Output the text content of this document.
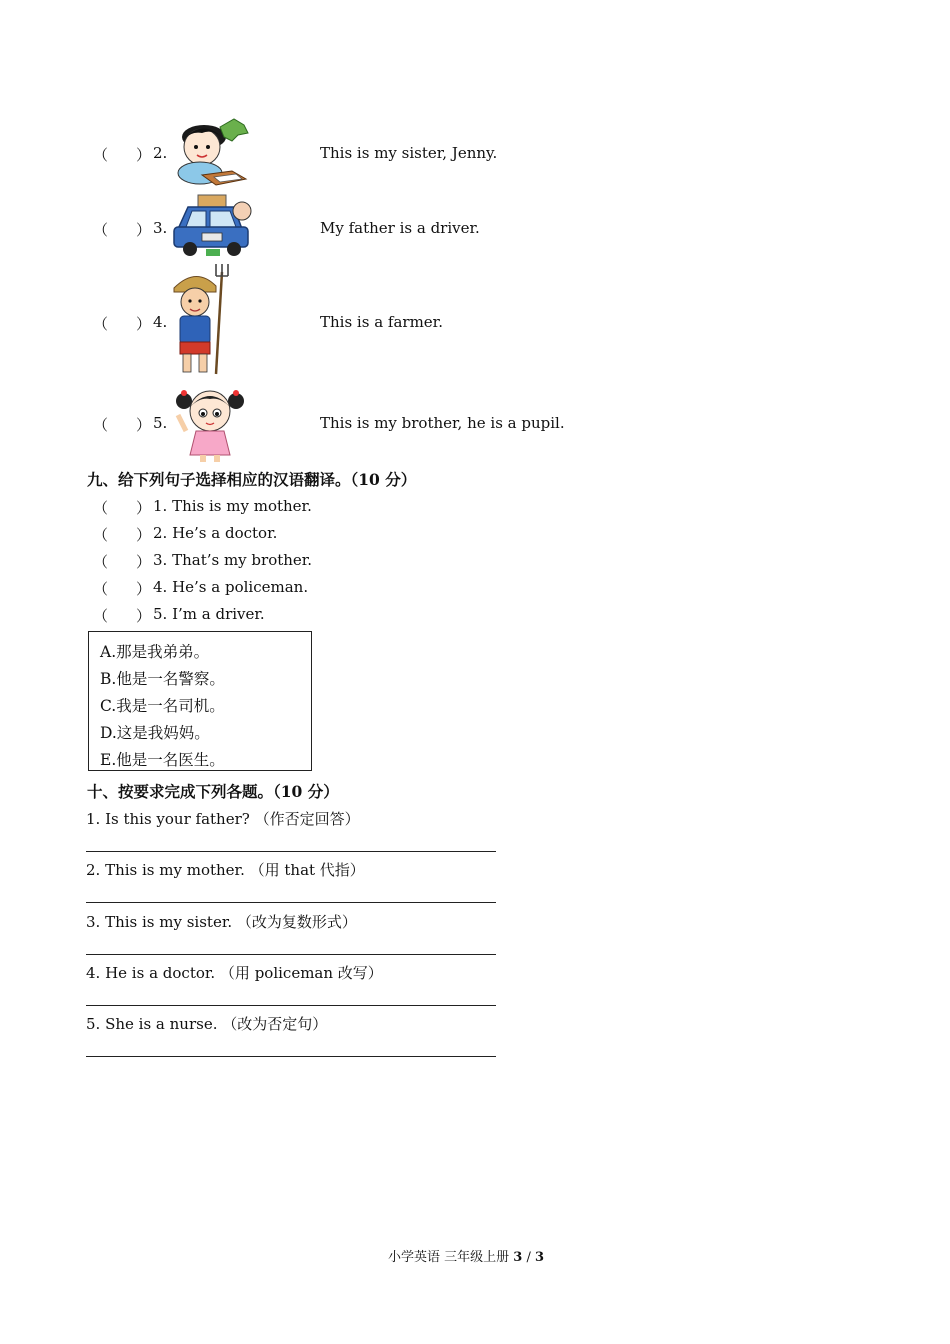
（ ） 2.	This is my sister, Jenny.
（ ） 3.	My father is a driver.
（ ） 4.	This is a farmer.
（ ） 5.	This is my brother, he is a pupil.
九、给下列句子选择相应的汉语翻译。（10 分）
（ ） 1. This is my mother.
（ ） 2. He’s a doctor.
（ ） 3. That’s my brother.
（ ） 4. He’s a policeman.
（ ） 5. I’m a driver.
A.那是我弟弟。
B.他是一名警察。
C.我是一名司机。
D.这是我妈妈。
E.他是一名医生。
十、按要求完成下列各题。（10 分）
1. Is this your father? （作否定回答）
2. This is my mother. （用 that 代指）
3. This is my sister. （改为复数形式）
4. He is a doctor. （用 policeman 改写）
5. She is a nurse. （改为否定句）
小学英语 三年级上册 3 / 3
